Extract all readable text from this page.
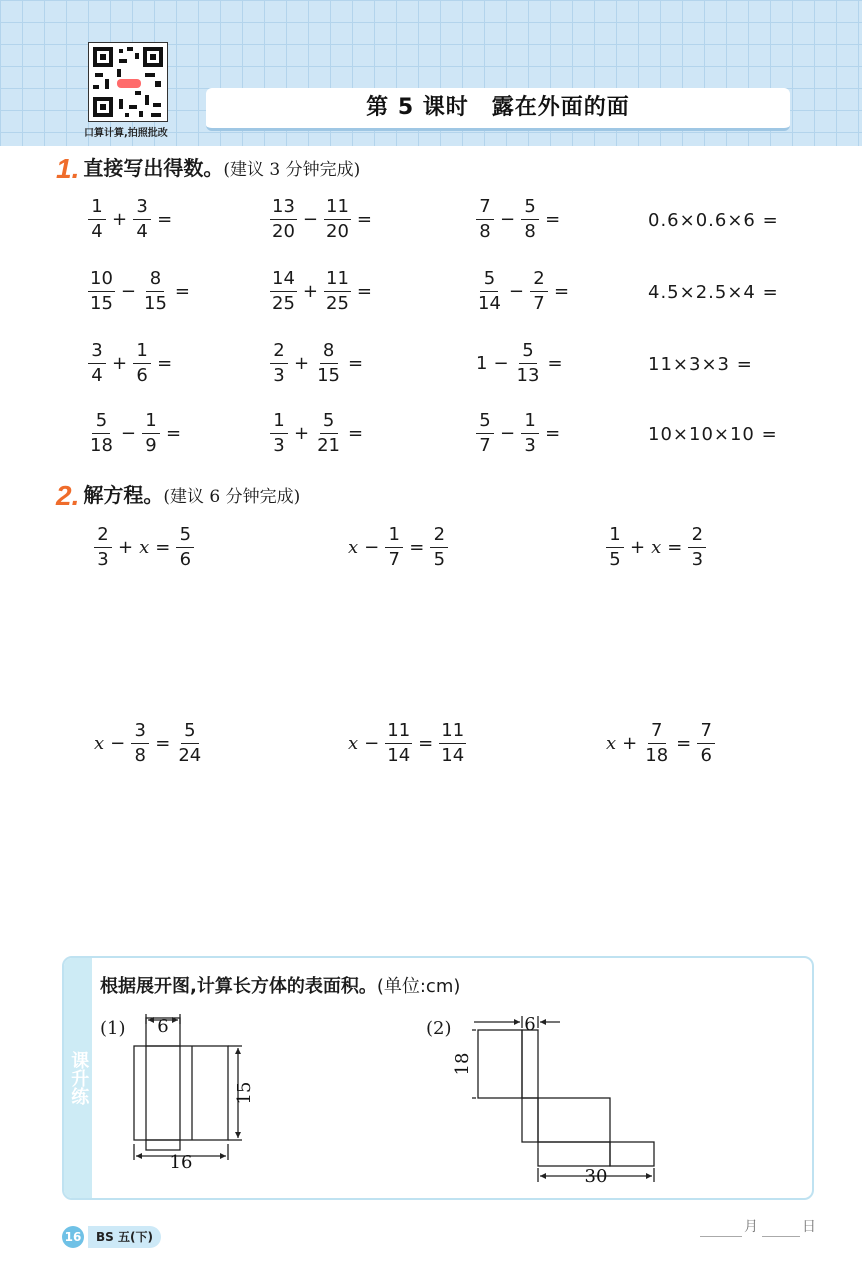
口算计算,拍照批改
第 5 课时　露在外面的面
1 . 直接写出得数。(建议 3 分钟完成)
$\frac{1}{4} + \frac{3}{4}$ =	$\frac{13}{20} - \frac{11}{20}$ =	$\frac{7}{8} - \frac{5}{8}$ =	0.6×0.6×6 =
$\frac{10}{15} - \frac{8}{15}$ =	$\frac{14}{25} + \frac{11}{25}$ =	$\frac{5}{14} - \frac{2}{7}$ =	4.5×2.5×4 =
$\frac{3}{4} + \frac{1}{6}$ =	$\frac{2}{3} + \frac{8}{15}$ =	$1 - \frac{5}{13}$ =	11×3×3 =
$\frac{5}{18} - \frac{1}{9}$ =	$\frac{1}{3} + \frac{5}{21}$ =	$\frac{5}{7} - \frac{1}{3}$ =	10×10×10 =
2 . 解方程。(建议 6 分钟完成)
$\frac{2}{3} + x = \frac{5}{6}$	$x - \frac{1}{7} = \frac{2}{5}$	$\frac{1}{5} + x = \frac{2}{3}$
$x - \frac{3}{8} = \frac{5}{24}$	$x - \frac{11}{14} = \frac{11}{14}$	$x + \frac{7}{18} = \frac{7}{6}$
课升练
根据展开图,计算长方体的表面积。(单位:cm)
(1)	(2)
6
15
16
6
18
30
16	BS 五(下)
月	日
